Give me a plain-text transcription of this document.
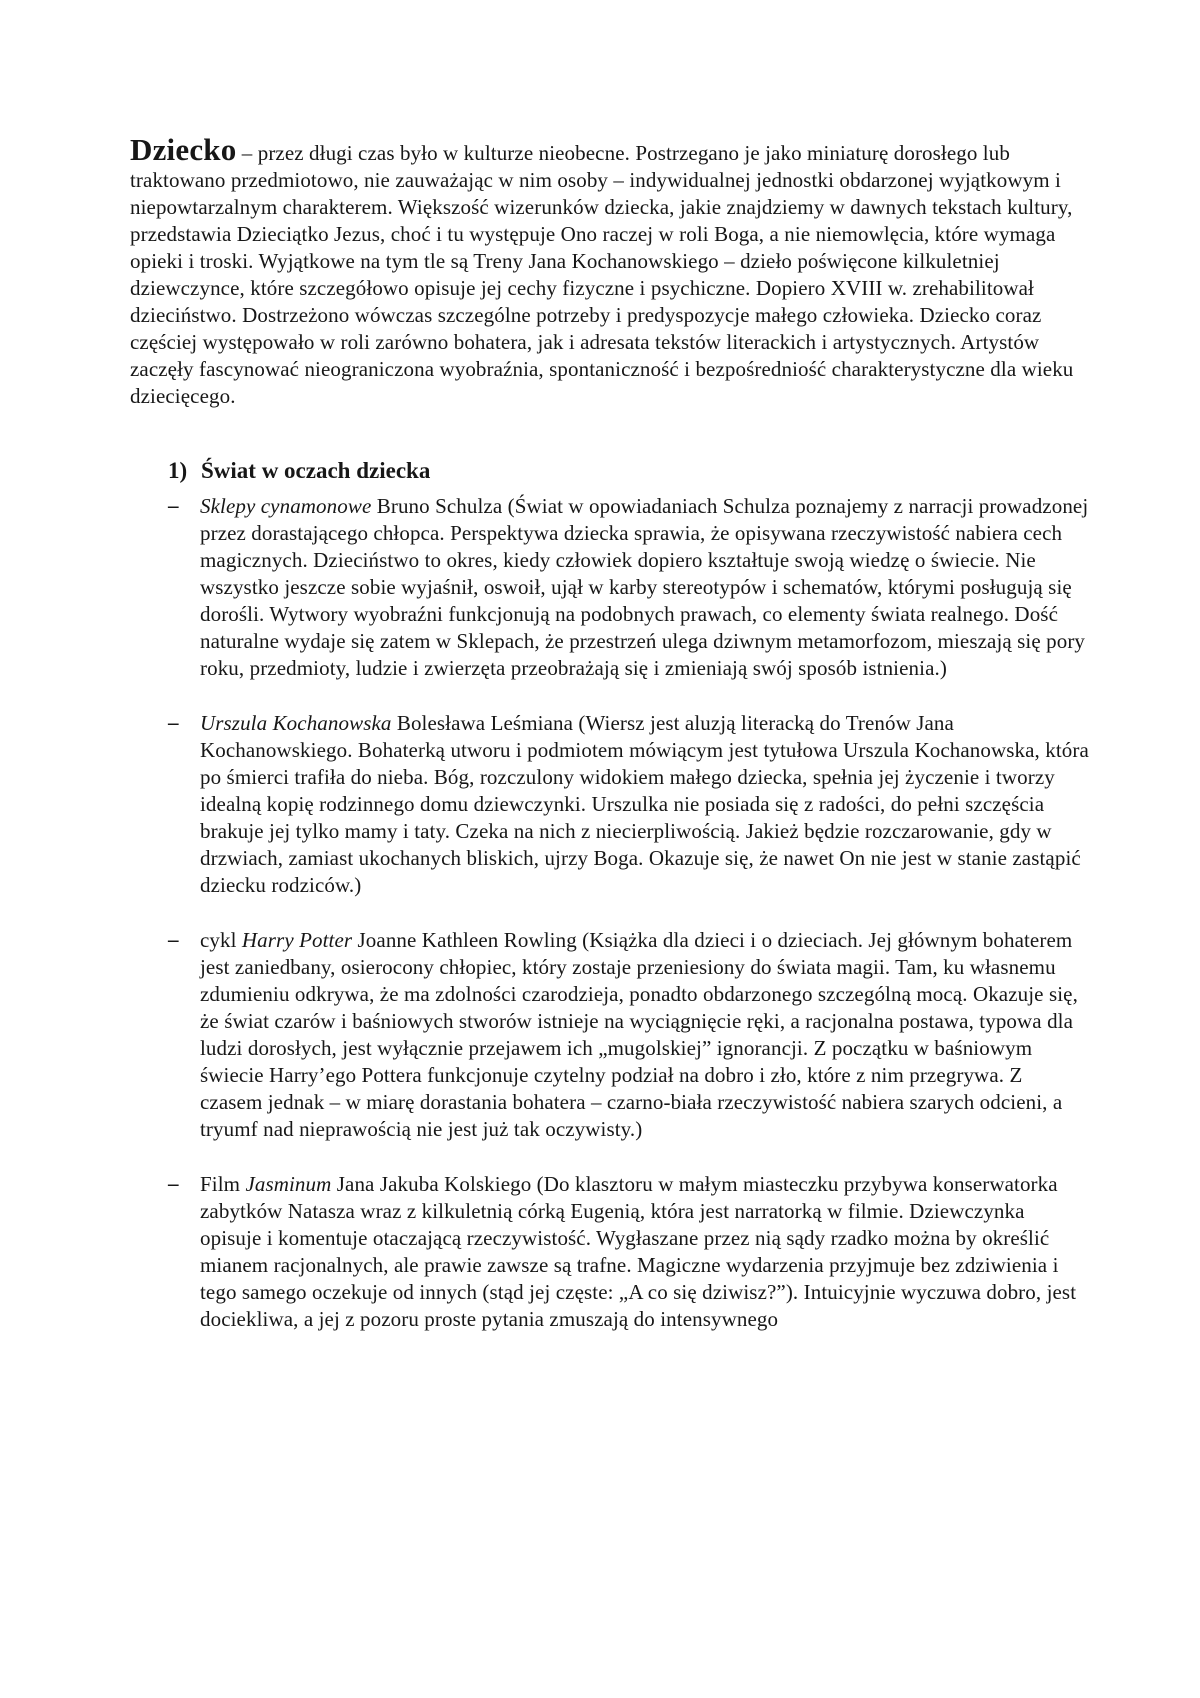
Dziecko – przez długi czas było w kulturze nieobecne. Postrzegano je jako miniaturę dorosłego lub traktowano przedmiotowo, nie zauważając w nim osoby – indywidualnej jednostki obdarzonej wyjątkowym i niepowtarzalnym charakterem. Większość wizerunków dziecka, jakie znajdziemy w dawnych tekstach kultury, przedstawia Dzieciątko Jezus, choć i tu występuje Ono raczej w roli Boga, a nie niemowlęcia, które wymaga opieki i troski. Wyjątkowe na tym tle są Treny Jana Kochanowskiego – dzieło poświęcone kilkuletniej dziewczynce, które szczegółowo opisuje jej cechy fizyczne i psychiczne. Dopiero XVIII w. zrehabilitował dzieciństwo. Dostrzeżono wówczas szczególne potrzeby i predyspozycje małego człowieka. Dziecko coraz częściej występowało w roli zarówno bohatera, jak i adresata tekstów literackich i artystycznych. Artystów zaczęły fascynować nieograniczona wyobraźnia, spontaniczność i bezpośredniość charakterystyczne dla wieku dziecięcego.

1) Świat w oczach dziecka
– Sklepy cynamonowe Bruno Schulza (Świat w opowiadaniach Schulza poznajemy z narracji prowadzonej przez dorastającego chłopca. Perspektywa dziecka sprawia, że opisywana rzeczywistość nabiera cech magicznych. Dzieciństwo to okres, kiedy człowiek dopiero kształtuje swoją wiedzę o świecie. Nie wszystko jeszcze sobie wyjaśnił, oswoił, ujął w karby stereotypów i schematów, którymi posługują się dorośli. Wytwory wyobraźni funkcjonują na podobnych prawach, co elementy świata realnego. Dość naturalne wydaje się zatem w Sklepach, że przestrzeń ulega dziwnym metamorfozom, mieszają się pory roku, przedmioty, ludzie i zwierzęta przeobrażają się i zmieniają swój sposób istnienia.)

– Urszula Kochanowska Bolesława Leśmiana (Wiersz jest aluzją literacką do Trenów Jana Kochanowskiego. Bohaterką utworu i podmiotem mówiącym jest tytułowa Urszula Kochanowska, która po śmierci trafiła do nieba. Bóg, rozczulony widokiem małego dziecka, spełnia jej życzenie i tworzy idealną kopię rodzinnego domu dziewczynki. Urszulka nie posiada się z radości, do pełni szczęścia brakuje jej tylko mamy i taty. Czeka na nich z niecierpliwością. Jakież będzie rozczarowanie, gdy w drzwiach, zamiast ukochanych bliskich, ujrzy Boga. Okazuje się, że nawet On nie jest w stanie zastąpić dziecku rodziców.)

– cykl Harry Potter Joanne Kathleen Rowling (Książka dla dzieci i o dzieciach. Jej głównym bohaterem jest zaniedbany, osierocony chłopiec, który zostaje przeniesiony do świata magii. Tam, ku własnemu zdumieniu odkrywa, że ma zdolności czarodzieja, ponadto obdarzonego szczególną mocą. Okazuje się, że świat czarów i baśniowych stworów istnieje na wyciągnięcie ręki, a racjonalna postawa, typowa dla ludzi dorosłych, jest wyłącznie przejawem ich „mugolskiej” ignorancji. Z początku w baśniowym świecie Harry’ego Pottera funkcjonuje czytelny podział na dobro i zło, które z nim przegrywa. Z czasem jednak – w miarę dorastania bohatera – czarno-biała rzeczywistość nabiera szarych odcieni, a tryumf nad nieprawością nie jest już tak oczywisty.)

– Film Jasminum Jana Jakuba Kolskiego (Do klasztoru w małym miasteczku przybywa konserwatorka zabytków Natasza wraz z kilkuletnią córką Eugenią, która jest narratorką w filmie. Dziewczynka opisuje i komentuje otaczającą rzeczywistość. Wygłaszane przez nią sądy rzadko można by określić mianem racjonalnych, ale prawie zawsze są trafne. Magiczne wydarzenia przyjmuje bez zdziwienia i tego samego oczekuje od innych (stąd jej częste: „A co się dziwisz?”). Intuicyjnie wyczuwa dobro, jest dociekliwa, a jej z pozoru proste pytania zmuszają do intensywnego
